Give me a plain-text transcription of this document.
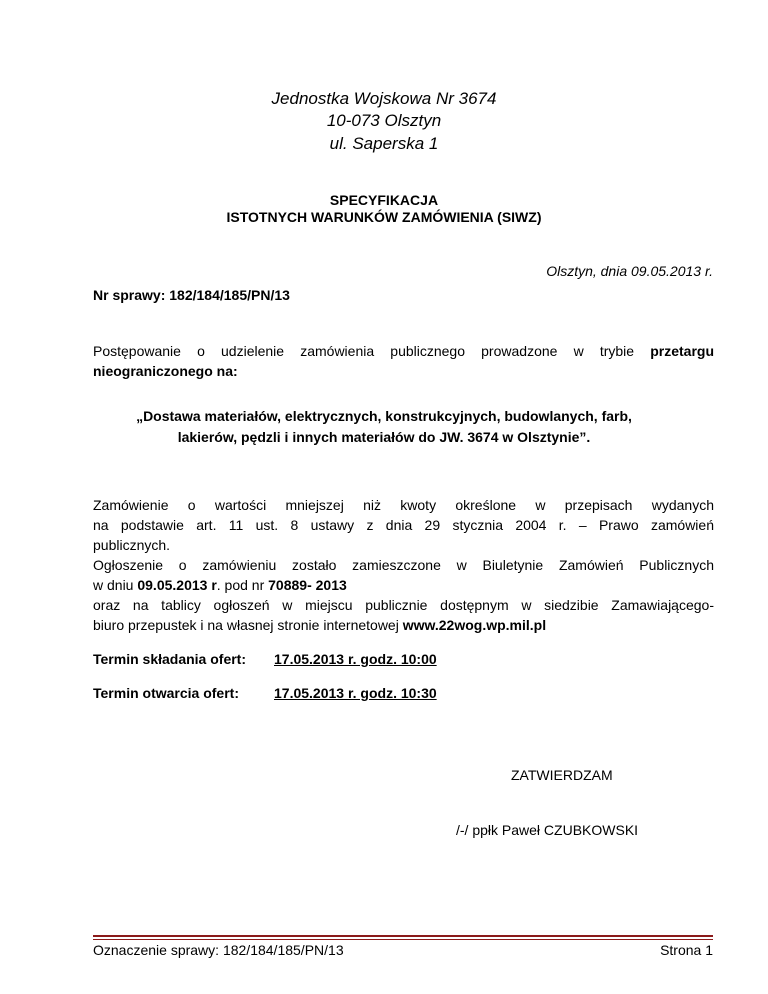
Jednostka Wojskowa Nr 3674
10-073 Olsztyn
ul. Saperska 1
SPECYFIKACJA
ISTOTNYCH WARUNKÓW ZAMÓWIENIA (SIWZ)
Olsztyn, dnia 09.05.2013 r.
Nr sprawy: 182/184/185/PN/13
Postępowanie o udzielenie zamówienia publicznego prowadzone w trybie przetargu
nieograniczonego na:
„Dostawa materiałów, elektrycznych, konstrukcyjnych, budowlanych, farb,
lakierów, pędzli i innych materiałów do JW. 3674 w Olsztynie”.
Zamówienie o wartości mniejszej niż kwoty określone w przepisach wydanych
na podstawie art. 11 ust. 8 ustawy z dnia 29 stycznia 2004 r. – Prawo zamówień
publicznych.
Ogłoszenie o zamówieniu zostało zamieszczone w Biuletynie Zamówień Publicznych
w dniu 09.05.2013 r. pod nr 70889- 2013
oraz na tablicy ogłoszeń w miejscu publicznie dostępnym w siedzibie Zamawiającego-
biuro przepustek i na własnej stronie internetowej www.22wog.wp.mil.pl
Termin składania ofert: 17.05.2013 r. godz. 10:00
Termin otwarcia ofert:	17.05.2013 r. godz. 10:30
ZATWIERDZAM
/-/ ppłk Paweł CZUBKOWSKI
Oznaczenie sprawy: 182/184/185/PN/13	Strona 1
